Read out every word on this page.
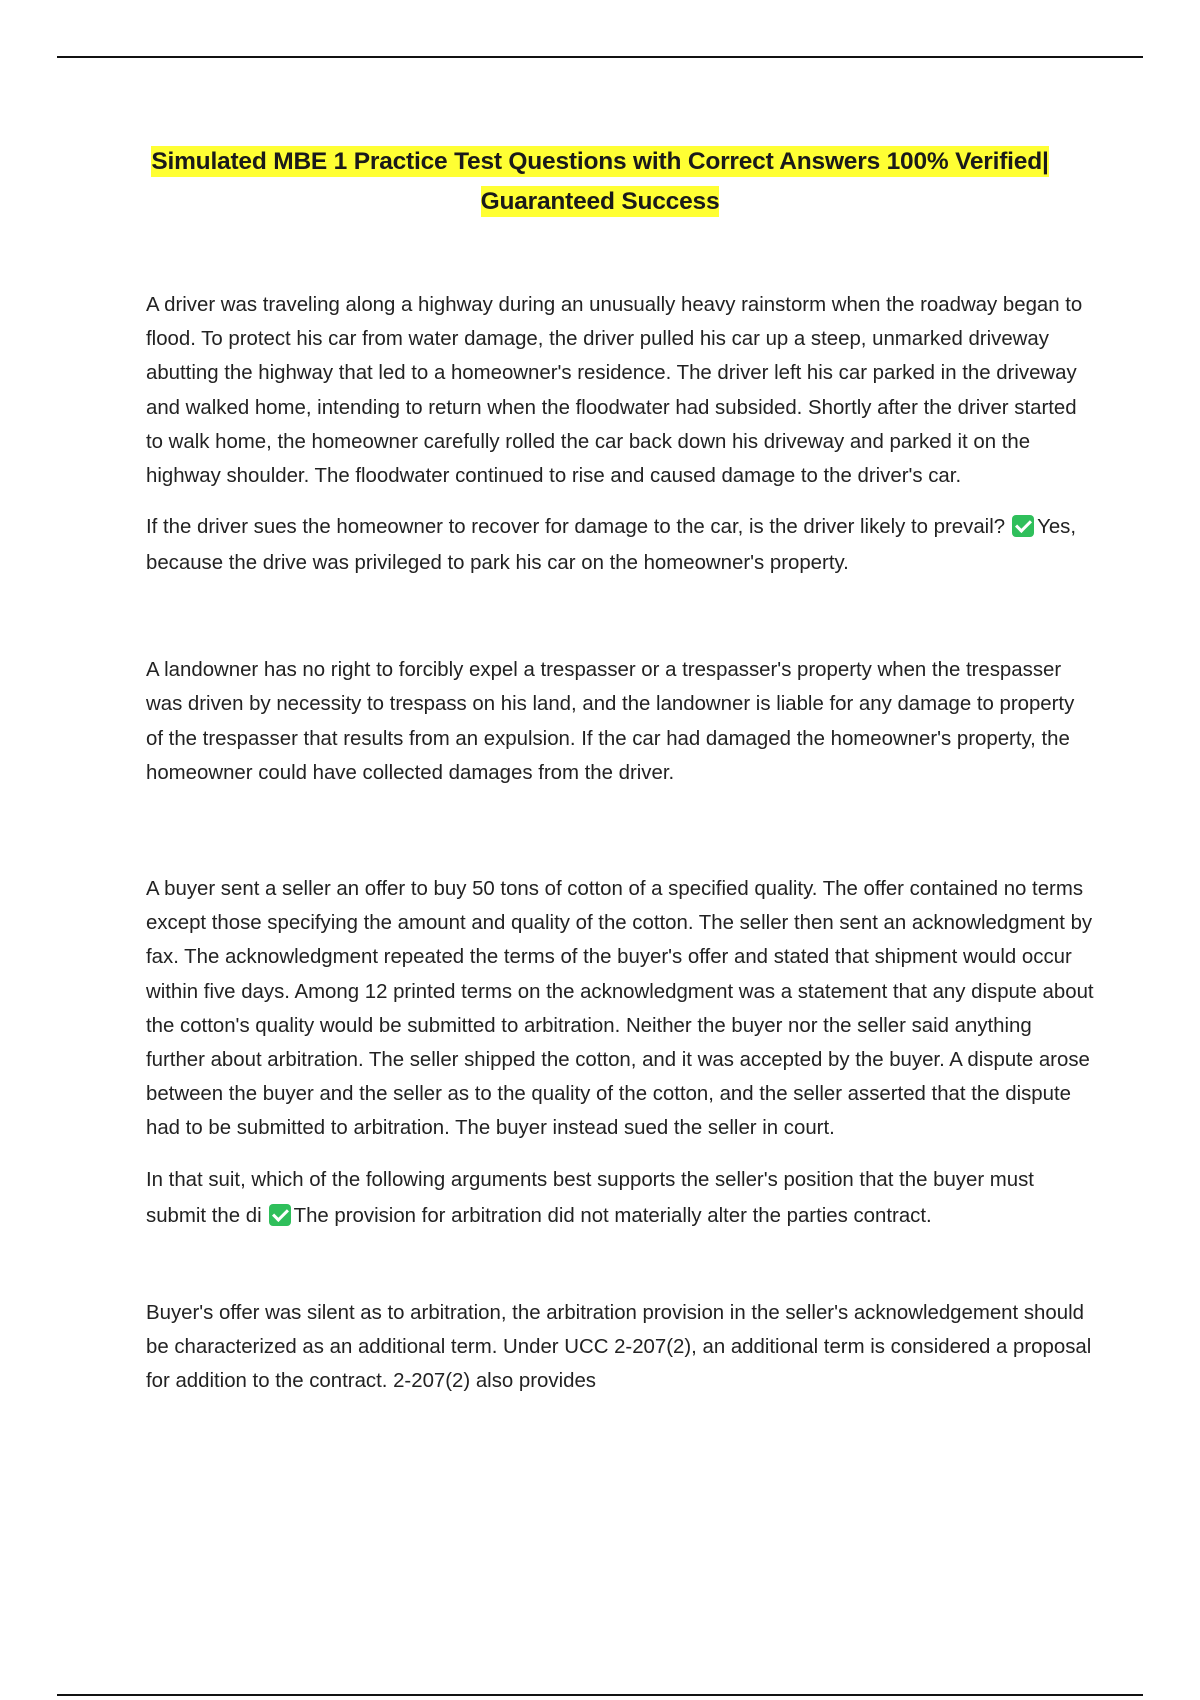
Simulated MBE 1 Practice Test Questions with Correct Answers 100% Verified|
Guaranteed Success

A driver was traveling along a highway during an unusually heavy rainstorm when the roadway began to flood. To protect his car from water damage, the driver pulled his car up a steep, unmarked driveway abutting the highway that led to a homeowner's residence. The driver left his car parked in the driveway and walked home, intending to return when the floodwater had subsided. Shortly after the driver started to walk home, the homeowner carefully rolled the car back down his driveway and parked it on the highway shoulder. The floodwater continued to rise and caused damage to the driver's car.

If the driver sues the homeowner to recover for damage to the car, is the driver likely to prevail? Yes, because the drive was privileged to park his car on the homeowner's property.

A landowner has no right to forcibly expel a trespasser or a trespasser's property when the trespasser was driven by necessity to trespass on his land, and the landowner is liable for any damage to property of the trespasser that results from an expulsion. If the car had damaged the homeowner's property, the homeowner could have collected damages from the driver.

A buyer sent a seller an offer to buy 50 tons of cotton of a specified quality. The offer contained no terms except those specifying the amount and quality of the cotton. The seller then sent an acknowledgment by fax. The acknowledgment repeated the terms of the buyer's offer and stated that shipment would occur within five days. Among 12 printed terms on the acknowledgment was a statement that any dispute about the cotton's quality would be submitted to arbitration. Neither the buyer nor the seller said anything further about arbitration. The seller shipped the cotton, and it was accepted by the buyer. A dispute arose between the buyer and the seller as to the quality of the cotton, and the seller asserted that the dispute had to be submitted to arbitration. The buyer instead sued the seller in court.

In that suit, which of the following arguments best supports the seller's position that the buyer must submit the di The provision for arbitration did not materially alter the parties contract.

Buyer's offer was silent as to arbitration, the arbitration provision in the seller's acknowledgement should be characterized as an additional term. Under UCC 2-207(2), an additional term is considered a proposal for addition to the contract. 2-207(2) also provides
